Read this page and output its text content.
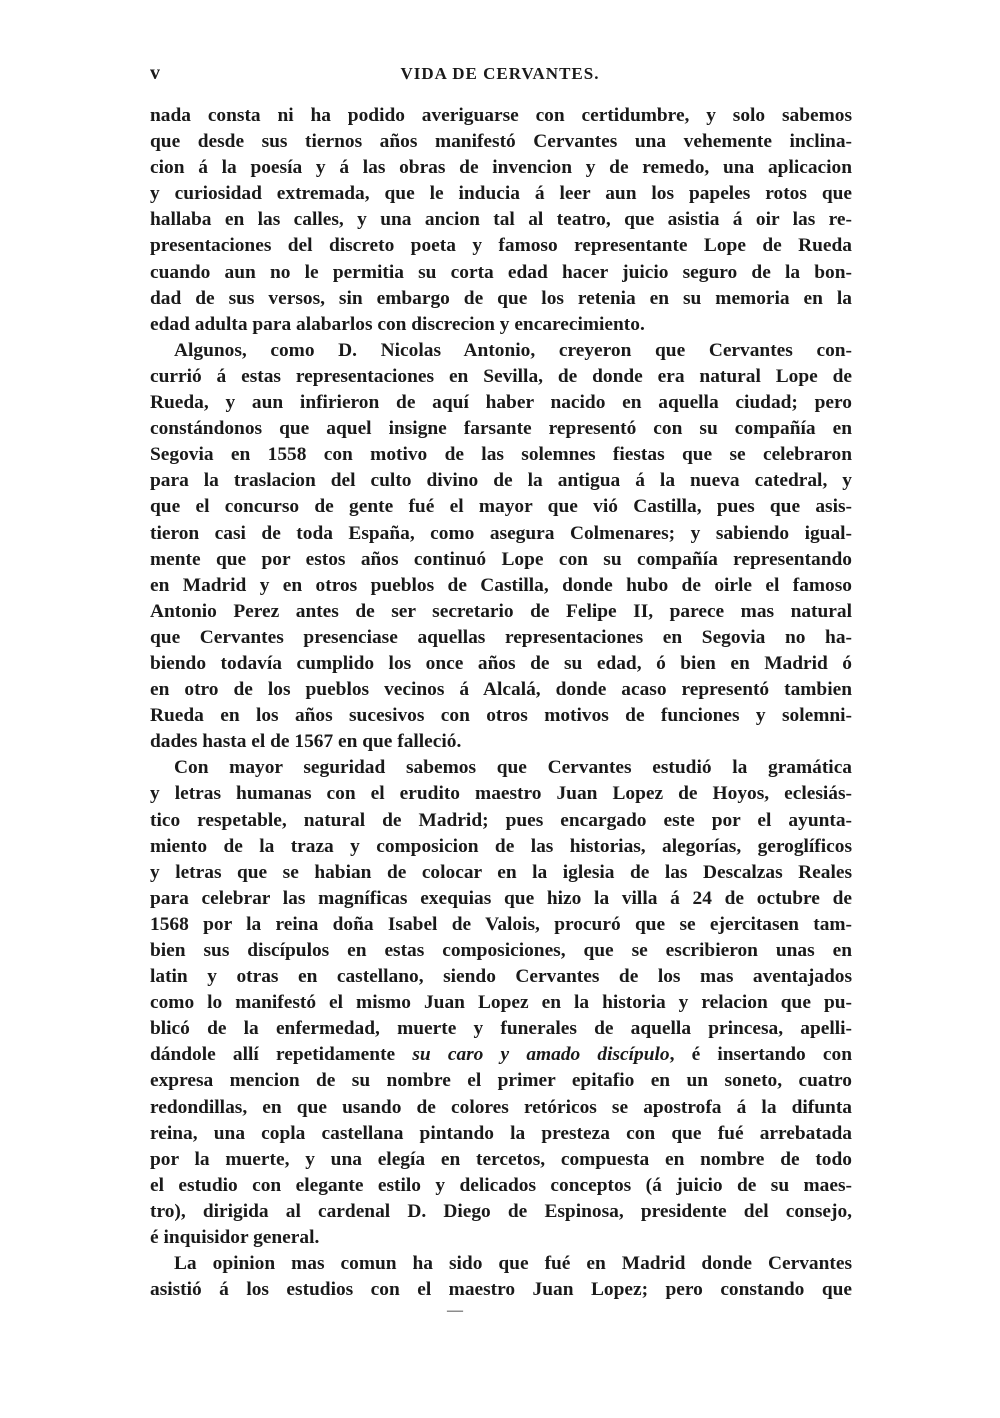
v	VIDA DE CERVANTES.
nada consta ni ha podido averiguarse con certidumbre, y solo sabemos
que desde sus tiernos años manifestó Cervantes una vehemente inclina-
cion á la poesía y á las obras de invencion y de remedo, una aplicacion
y curiosidad extremada, que le inducia á leer aun los papeles rotos que
hallaba en las calles, y una ancion tal al teatro, que asistia á oir las re-
presentaciones del discreto poeta y famoso representante Lope de Rueda
cuando aun no le permitia su corta edad hacer juicio seguro de la bon-
dad de sus versos, sin embargo de que los retenia en su memoria en la
edad adulta para alabarlos con discrecion y encarecimiento.
Algunos, como D. Nicolas Antonio, creyeron que Cervantes con-
currió á estas representaciones en Sevilla, de donde era natural Lope de
Rueda, y aun infirieron de aquí haber nacido en aquella ciudad; pero
constándonos que aquel insigne farsante representó con su compañía en
Segovia en 1558 con motivo de las solemnes fiestas que se celebraron
para la traslacion del culto divino de la antigua á la nueva catedral, y
que el concurso de gente fué el mayor que vió Castilla, pues que asis-
tieron casi de toda España, como asegura Colmenares; y sabiendo igual-
mente que por estos años continuó Lope con su compañía representando
en Madrid y en otros pueblos de Castilla, donde hubo de oirle el famoso
Antonio Perez antes de ser secretario de Felipe II, parece mas natural
que Cervantes presenciase aquellas representaciones en Segovia no ha-
biendo todavía cumplido los once años de su edad, ó bien en Madrid ó
en otro de los pueblos vecinos á Alcalá, donde acaso representó tambien
Rueda en los años sucesivos con otros motivos de funciones y solemni-
dades hasta el de 1567 en que falleció.
Con mayor seguridad sabemos que Cervantes estudió la gramática
y letras humanas con el erudito maestro Juan Lopez de Hoyos, eclesiás-
tico respetable, natural de Madrid; pues encargado este por el ayunta-
miento de la traza y composicion de las historias, alegorías, geroglíficos
y letras que se habian de colocar en la iglesia de las Descalzas Reales
para celebrar las magníficas exequias que hizo la villa á 24 de octubre de
1568 por la reina doña Isabel de Valois, procuró que se ejercitasen tam-
bien sus discípulos en estas composiciones, que se escribieron unas en
latin y otras en castellano, siendo Cervantes de los mas aventajados
como lo manifestó el mismo Juan Lopez en la historia y relacion que pu-
blicó de la enfermedad, muerte y funerales de aquella princesa, apelli-
dándole allí repetidamente su caro y amado discípulo, é insertando con
expresa mencion de su nombre el primer epitafio en un soneto, cuatro
redondillas, en que usando de colores retóricos se apostrofa á la difunta
reina, una copla castellana pintando la presteza con que fué arrebatada
por la muerte, y una elegía en tercetos, compuesta en nombre de todo
el estudio con elegante estilo y delicados conceptos (á juicio de su maes-
tro), dirigida al cardenal D. Diego de Espinosa, presidente del consejo,
é inquisidor general.
La opinion mas comun ha sido que fué en Madrid donde Cervantes
asistió á los estudios con el maestro Juan Lopez; pero constando que
—
